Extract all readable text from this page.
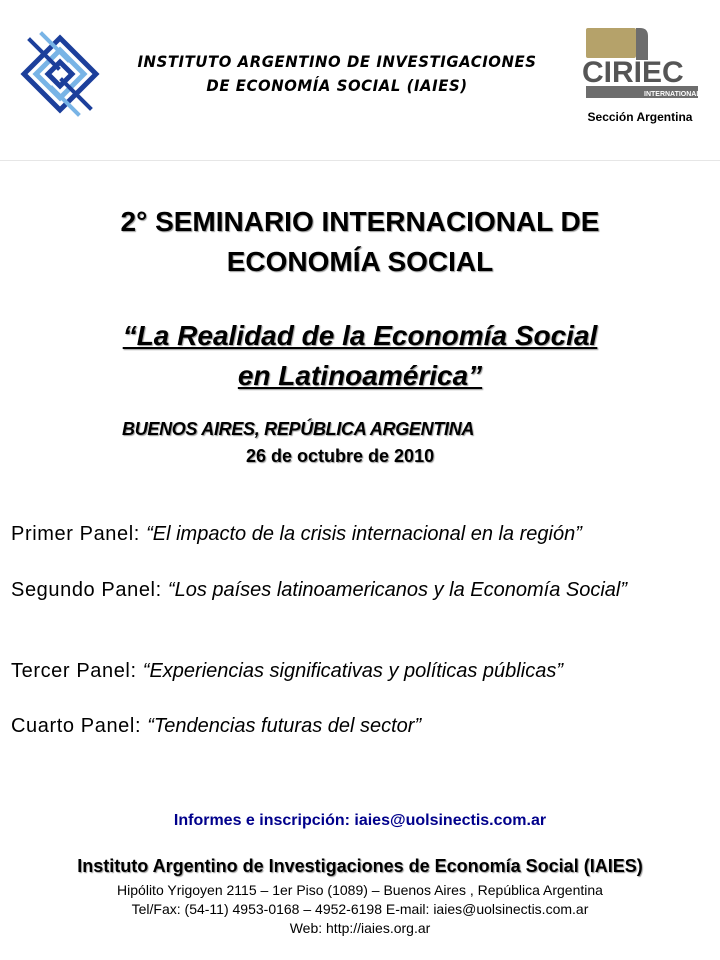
INSTITUTO ARGENTINO DE INVESTIGACIONES
DE ECONOMÍA SOCIAL (IAIES)	CIRIEC
INTERNATIONAL
Sección Argentina
2° SEMINARIO INTERNACIONAL DE
ECONOMÍA SOCIAL
“La Realidad de la Economía Social
en Latinoamérica”
BUENOS AIRES, REPÚBLICA ARGENTINA
26 de octubre de 2010
Primer Panel: “El impacto de la crisis internacional en la región”
Segundo Panel: “Los países latinoamericanos y la Economía Social”
Tercer Panel: “Experiencias significativas y políticas públicas”
Cuarto Panel: “Tendencias futuras del sector”
Informes e inscripción: iaies@uolsinectis.com.ar
Instituto Argentino de Investigaciones de Economía Social (IAIES)
Hipólito Yrigoyen 2115 – 1er Piso (1089) – Buenos Aires , República Argentina
Tel/Fax: (54-11) 4953-0168 – 4952-6198 E-mail: iaies@uolsinectis.com.ar
Web: http://iaies.org.ar
